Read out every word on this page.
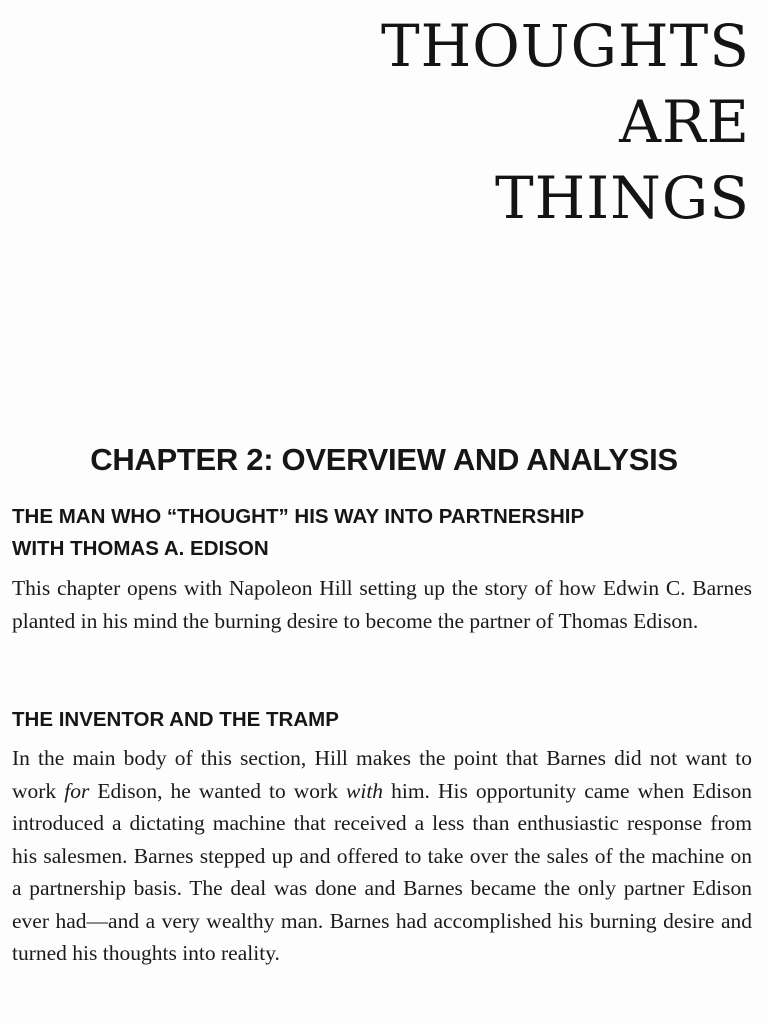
THOUGHTS
ARE
THINGS
CHAPTER 2: OVERVIEW AND ANALYSIS
THE MAN WHO “THOUGHT” HIS WAY INTO PARTNERSHIP
WITH THOMAS A. EDISON
This chapter opens with Napoleon Hill setting up the story of how Edwin C. Barnes planted in his mind the burning desire to become the partner of Thomas Edison.
THE INVENTOR AND THE TRAMP
In the main body of this section, Hill makes the point that Barnes did not want to work for Edison, he wanted to work with him. His opportunity came when Edison introduced a dictating machine that received a less than enthusiastic response from his salesmen. Barnes stepped up and offered to take over the sales of the machine on a partnership basis. The deal was done and Barnes became the only partner Edison ever had—and a very wealthy man. Barnes had accomplished his burning desire and turned his thoughts into reality.
